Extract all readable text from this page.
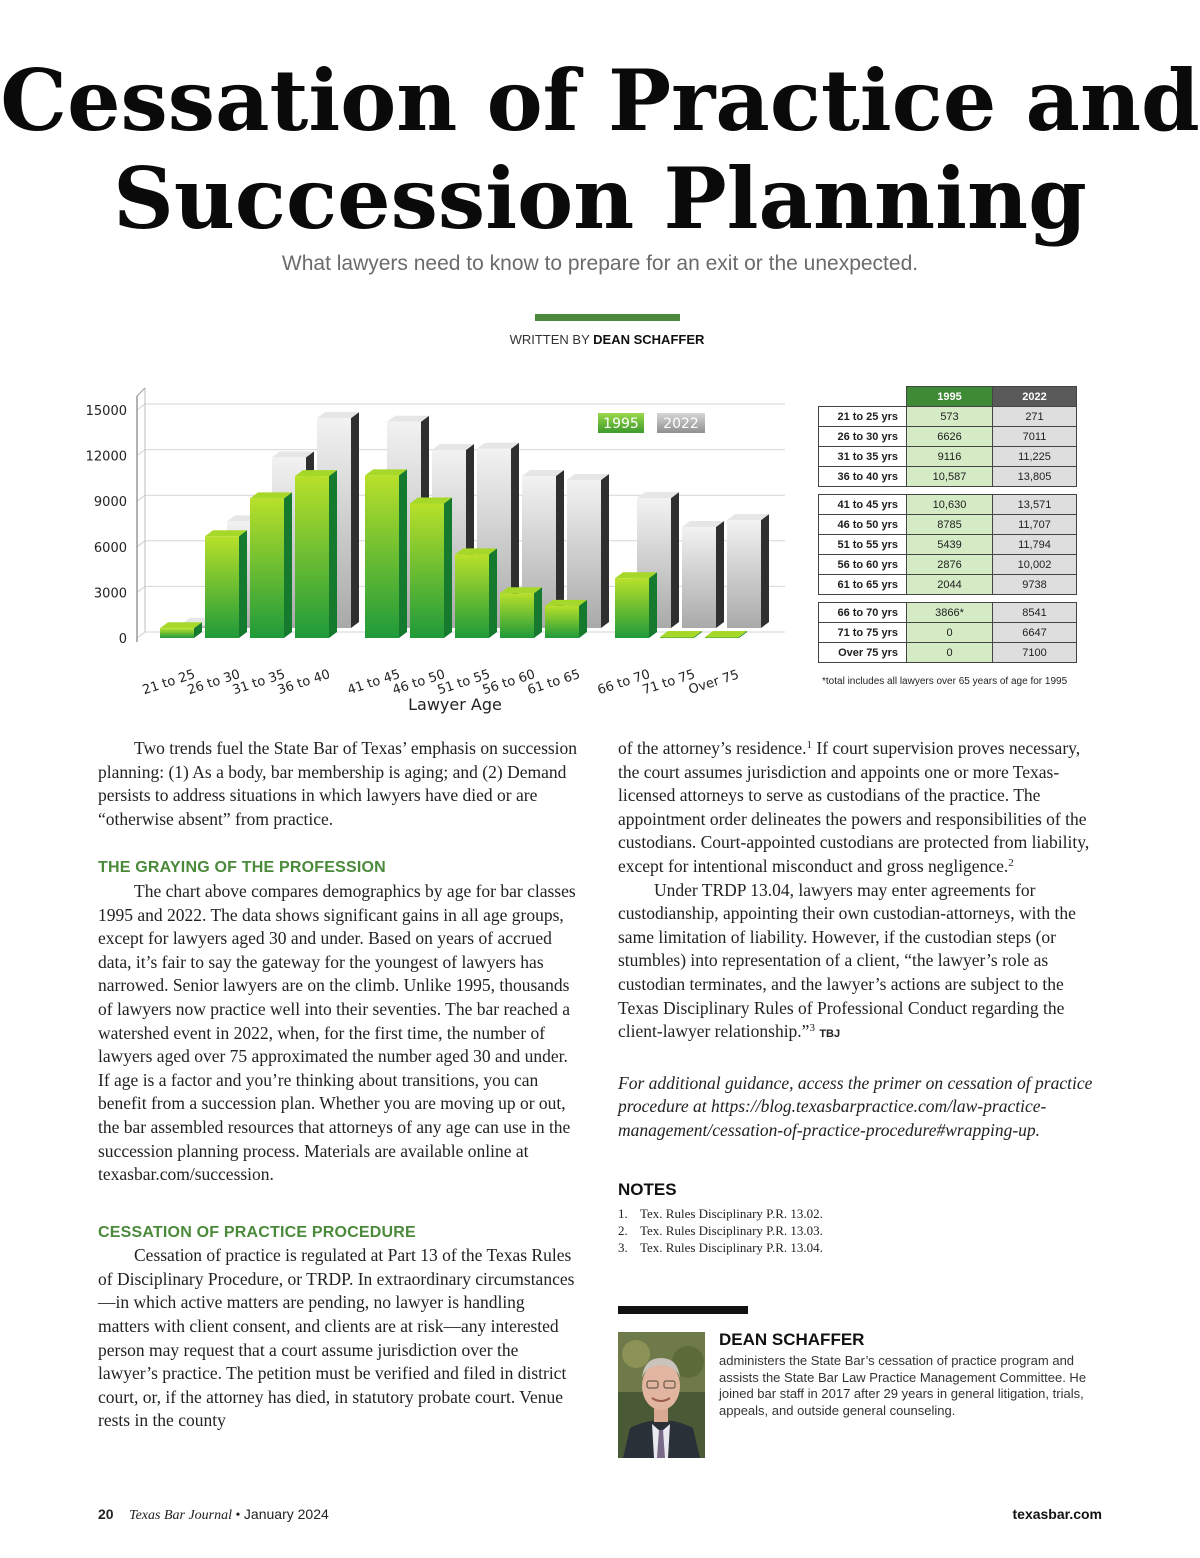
Cessation of Practice and
Succession Planning
What lawyers need to know to prepare for an exit or the unexpected.
WRITTEN BY DEAN SCHAFFER
0
3000
6000
9000
12000
15000
21 to 25
26 to 30
31 to 35
36 to 40 41 to 45
46 to 50
51 to 55
56 to 60
61 to 65 66 to 70
71 to 75
Over 75
1995 2022
Lawyer Age
	1995	2022
21 to 25 yrs	573	271
26 to 30 yrs	6626	7011
31 to 35 yrs	9116	11,225
36 to 40 yrs	10,587	13,805

41 to 45 yrs	10,630	13,571
46 to 50 yrs	8785	11,707
51 to 55 yrs	5439	11,794
56 to 60 yrs	2876	10,002
61 to 65 yrs	2044	9738

66 to 70 yrs	3866*	8541
71 to 75 yrs	0	6647
Over 75 yrs	0	7100
*total includes all lawyers over 65 years of age for 1995

Two trends fuel the State Bar of Texas’ emphasis on succession planning: (1) As a body, bar membership is aging; and (2) Demand persists to address situations in which lawyers have died or are “otherwise absent” from practice.

THE GRAYING OF THE PROFESSION

The chart above compares demographics by age for bar classes 1995 and 2022. The data shows significant gains in all age groups, except for lawyers aged 30 and under. Based on years of accrued data, it’s fair to say the gateway for the youngest of lawyers has narrowed. Senior lawyers are on the climb. Unlike 1995, thousands of lawyers now practice well into their seventies. The bar reached a watershed event in 2022, when, for the first time, the number of lawyers aged over 75 approximated the number aged 30 and under. If age is a factor and you’re thinking about transitions, you can benefit from a succession plan. Whether you are moving up or out, the bar assembled resources that attorneys of any age can use in the succession planning process. Materials are available online at texasbar.com/succession.

CESSATION OF PRACTICE PROCEDURE

Cessation of practice is regulated at Part 13 of the Texas Rules of Disciplinary Procedure, or TRDP. In extraordinary circumstances—in which active matters are pending, no lawyer is handling matters with client consent, and clients are at risk—any interested person may request that a court assume jurisdiction over the lawyer’s practice. The petition must be verified and filed in district court, or, if the attorney has died, in statutory probate court. Venue rests in the county

of the attorney’s residence.$^1$ If court supervision proves necessary, the court assumes jurisdiction and appoints one or more Texas-licensed attorneys to serve as custodians of the practice. The appointment order delineates the powers and responsibilities of the custodians. Court-appointed custodians are protected from liability, except for intentional misconduct and gross negligence.$^2$

Under TRDP 13.04, lawyers may enter agreements for custodianship, appointing their own custodian-attorneys, with the same limitation of liability. However, if the custodian steps (or stumbles) into representation of a client, “the lawyer’s role as custodian terminates, and the lawyer’s actions are subject to the Texas Disciplinary Rules of Professional Conduct regarding the client-lawyer relationship.”$^3$ TBJ

For additional guidance, access the primer on cessation of practice procedure at https://blog.texasbarpractice.com/law-practice-management/cessation-of-practice-procedure#wrapping-up.

NOTES
1. Tex. Rules Disciplinary P.R. 13.02.
2. Tex. Rules Disciplinary P.R. 13.03.
3. Tex. Rules Disciplinary P.R. 13.04.
DEAN SCHAFFER
administers the State Bar’s cessation of practice program and assists the State Bar Law Practice Management Committee. He joined bar staff in 2017 after 29 years in general litigation, trials, appeals, and outside general counseling.
20 Texas Bar Journal • January 2024	texasbar.com
